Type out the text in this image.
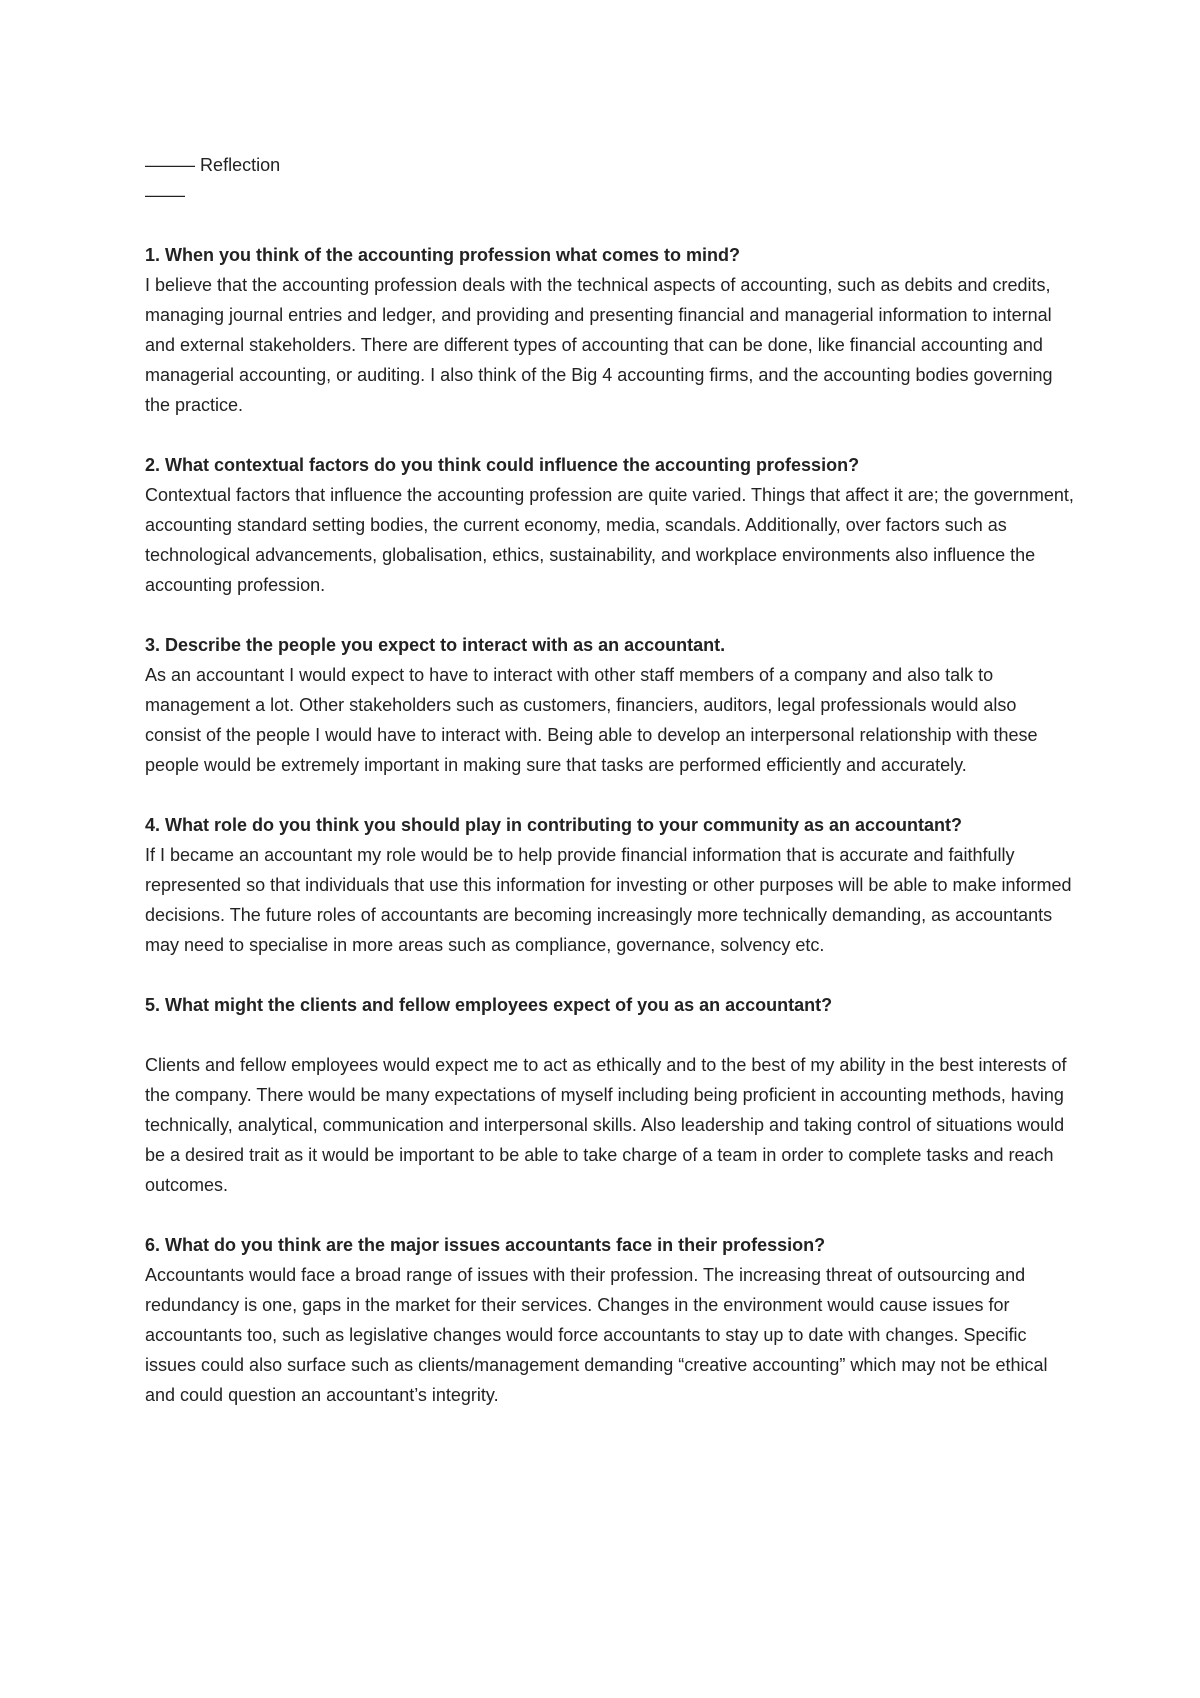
––––– Reflection

––––

1. When you think of the accounting profession what comes to mind?

I believe that the accounting profession deals with the technical aspects of accounting, such as debits and credits, managing journal entries and ledger, and providing and presenting financial and managerial information to internal and external stakeholders. There are different types of accounting that can be done, like financial accounting and managerial accounting, or auditing. I also think of the Big 4 accounting firms, and the accounting bodies governing the practice.

2. What contextual factors do you think could influence the accounting profession?

Contextual factors that influence the accounting profession are quite varied. Things that affect it are; the government, accounting standard setting bodies, the current economy, media, scandals. Additionally, over factors such as technological advancements, globalisation, ethics, sustainability, and workplace environments also influence the accounting profession.

3. Describe the people you expect to interact with as an accountant.

As an accountant I would expect to have to interact with other staff members of a company and also talk to management a lot. Other stakeholders such as customers, financiers, auditors, legal professionals would also consist of the people I would have to interact with. Being able to develop an interpersonal relationship with these people would be extremely important in making sure that tasks are performed efficiently and accurately.

4. What role do you think you should play in contributing to your community as an accountant?

If I became an accountant my role would be to help provide financial information that is accurate and faithfully represented so that individuals that use this information for investing or other purposes will be able to make informed decisions. The future roles of accountants are becoming increasingly more technically demanding, as accountants may need to specialise in more areas such as compliance, governance, solvency etc.

5. What might the clients and fellow employees expect of you as an accountant?

Clients and fellow employees would expect me to act as ethically and to the best of my ability in the best interests of the company. There would be many expectations of myself including being proficient in accounting methods, having technically, analytical, communication and interpersonal skills. Also leadership and taking control of situations would be a desired trait as it would be important to be able to take charge of a team in order to complete tasks and reach outcomes.

6. What do you think are the major issues accountants face in their profession?

Accountants would face a broad range of issues with their profession. The increasing threat of outsourcing and redundancy is one, gaps in the market for their services. Changes in the environment would cause issues for accountants too, such as legislative changes would force accountants to stay up to date with changes. Specific issues could also surface such as clients/management demanding “creative accounting” which may not be ethical and could question an accountant’s integrity.
